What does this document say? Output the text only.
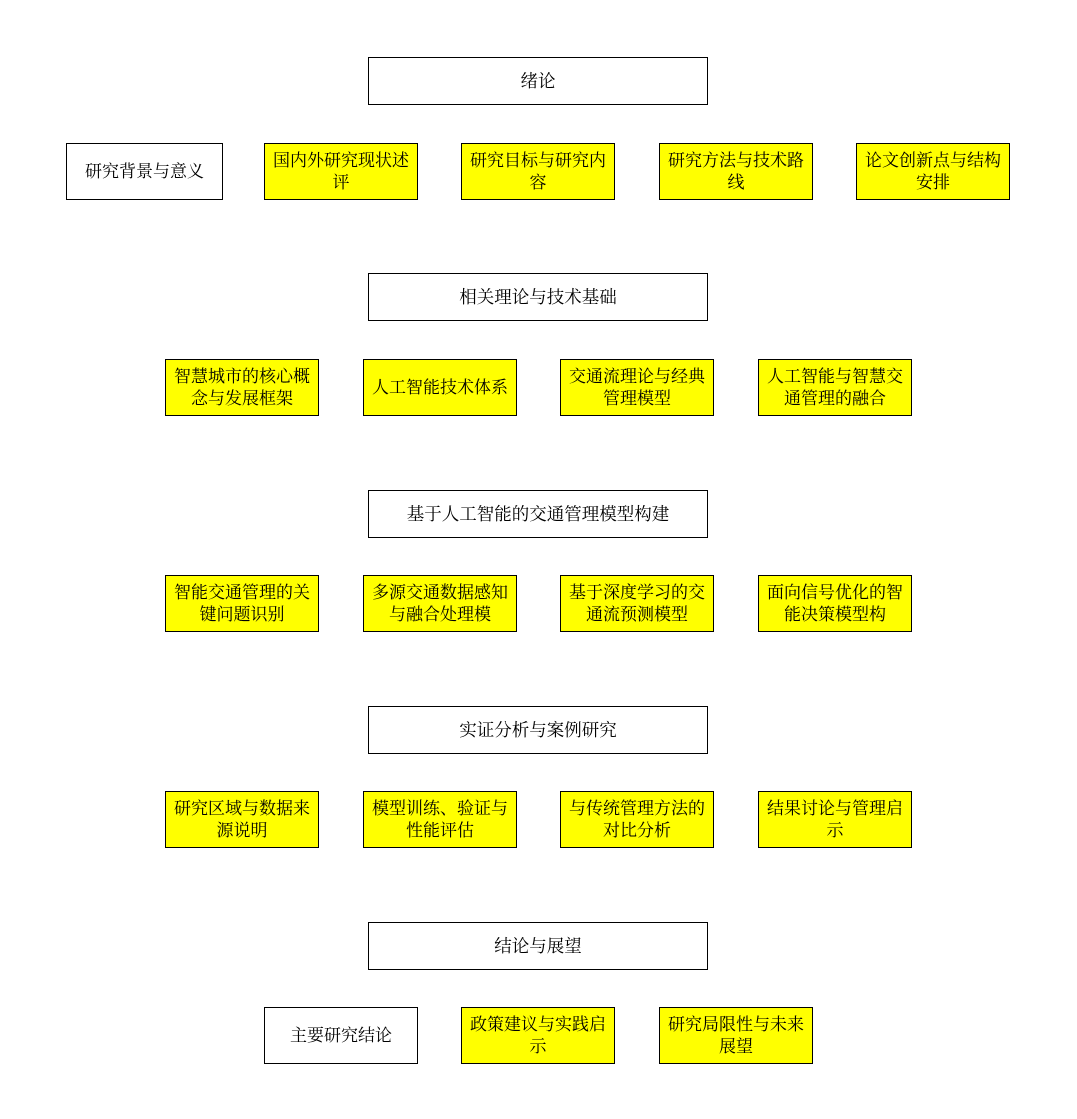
绪论
研究背景与意义
国内外研究现状述评
研究目标与研究内容
研究方法与技术路线
论文创新点与结构安排
相关理论与技术基础
智慧城市的核心概念与发展框架
人工智能技术体系
交通流理论与经典管理模型
人工智能与智慧交通管理的融合
基于人工智能的交通管理模型构建
智能交通管理的关键问题识别
多源交通数据感知与融合处理模
基于深度学习的交通流预测模型
面向信号优化的智能决策模型构
实证分析与案例研究
研究区域与数据来源说明
模型训练、验证与性能评估
与传统管理方法的对比分析
结果讨论与管理启示
结论与展望
主要研究结论
政策建议与实践启示
研究局限性与未来展望
